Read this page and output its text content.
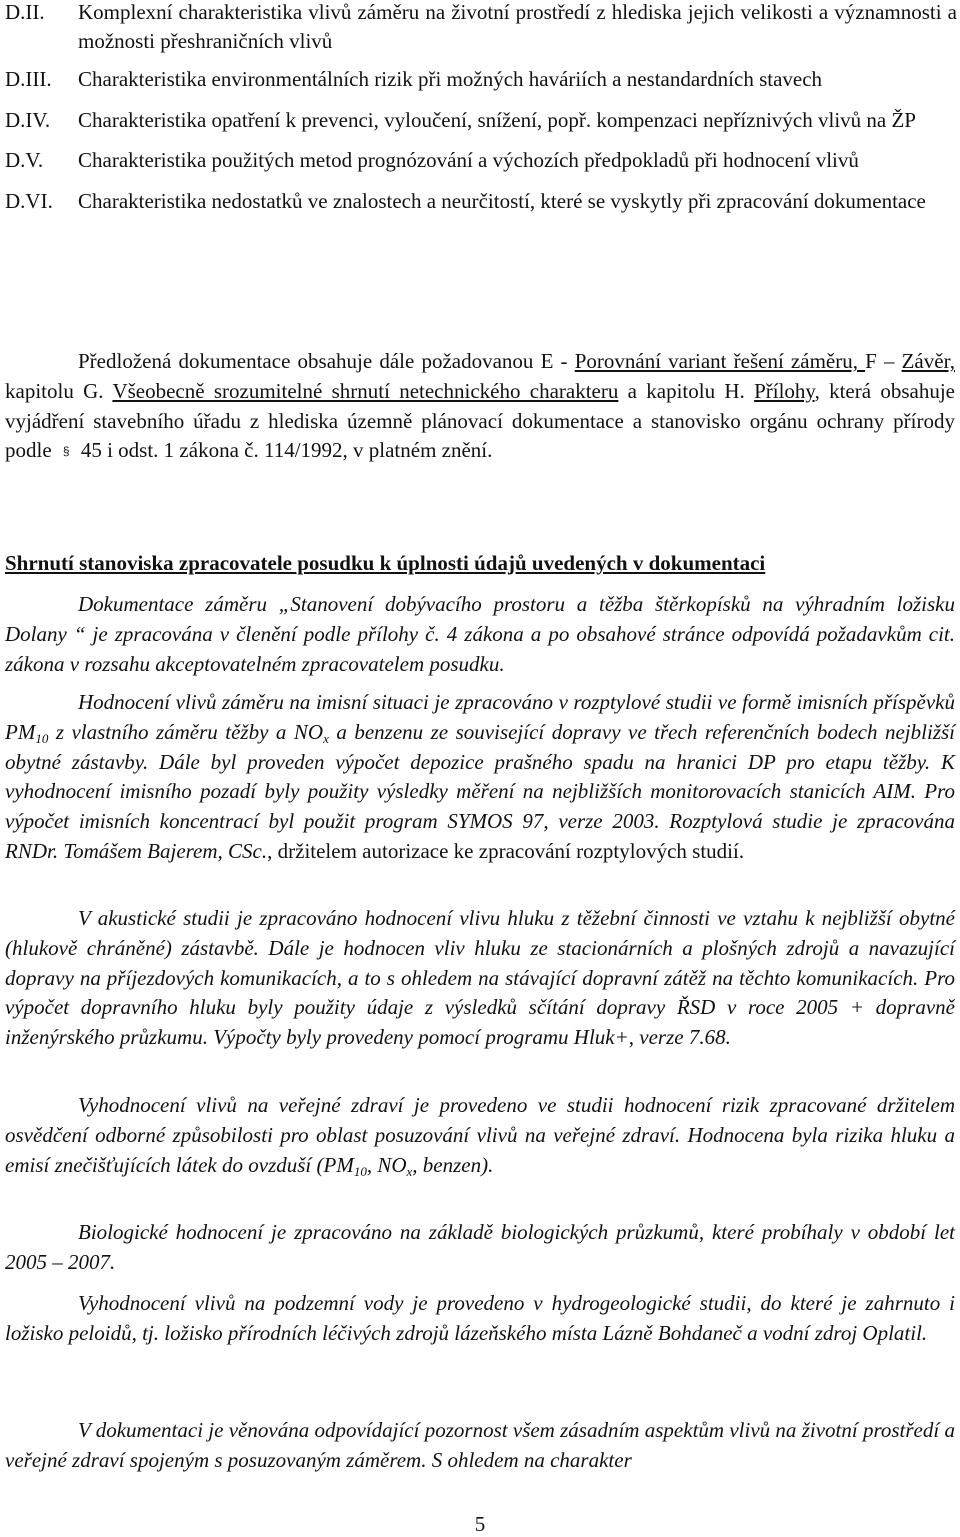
D.II.	Komplexní charakteristika vlivů záměru na životní prostředí z hlediska jejich velikosti a významnosti a možnosti přeshraničních vlivů
D.III.	Charakteristika environmentálních rizik při možných haváriích a nestandardních stavech
D.IV.	Charakteristika opatření k prevenci, vyloučení, snížení, popř. kompenzaci nepříznivých vlivů na ŽP
D.V.	Charakteristika použitých metod prognózování a výchozích předpokladů při hodnocení vlivů
D.VI.	Charakteristika nedostatků ve znalostech a neurčitostí, které se vyskytly při zpracování dokumentace

Předložená dokumentace obsahuje dále požadovanou E - Porovnání variant řešení záměru, F – Závěr, kapitolu G. Všeobecně srozumitelné shrnutí netechnického charakteru a kapitolu H. Přílohy, která obsahuje vyjádření stavebního úřadu z hlediska územně plánovací dokumentace a stanovisko orgánu ochrany přírody podle § 45 i odst. 1 zákona č. 114/1992, v platném znění.

Shrnutí stanoviska zpracovatele posudku k úplnosti údajů uvedených v dokumentaci

Dokumentace záměru „Stanovení dobývacího prostoru a těžba štěrkopísků na výhradním ložisku Dolany “ je zpracována v členění podle přílohy č. 4 zákona a po obsahové stránce odpovídá požadavkům cit. zákona v rozsahu akceptovatelném zpracovatelem posudku.

Hodnocení vlivů záměru na imisní situaci je zpracováno v rozptylové studii ve formě imisních příspěvků $PM_{10}$ z vlastního záměru těžby a $NO_x$ a benzenu ze související dopravy ve třech referenčních bodech nejbližší obytné zástavby. Dále byl proveden výpočet depozice prašného spadu na hranici DP pro etapu těžby. K vyhodnocení imisního pozadí byly použity výsledky měření na nejbližších monitorovacích stanicích AIM. Pro výpočet imisních koncentrací byl použit program SYMOS 97, verze 2003. Rozptylová studie je zpracována RNDr. Tomášem Bajerem, CSc., držitelem autorizace ke zpracování rozptylových studií.

V akustické studii je zpracováno hodnocení vlivu hluku z těžební činnosti ve vztahu k nejbližší obytné (hlukově chráněné) zástavbě. Dále je hodnocen vliv hluku ze stacionárních a plošných zdrojů a navazující dopravy na příjezdových komunikacích, a to s ohledem na stávající dopravní zátěž na těchto komunikacích. Pro výpočet dopravního hluku byly použity údaje z výsledků sčítání dopravy ŘSD v roce 2005 + dopravně inženýrského průzkumu. Výpočty byly provedeny pomocí programu Hluk+, verze 7.68.

Vyhodnocení vlivů na veřejné zdraví je provedeno ve studii hodnocení rizik zpracované držitelem osvědčení odborné způsobilosti pro oblast posuzování vlivů na veřejné zdraví. Hodnocena byla rizika hluku a emisí znečišťujících látek do ovzduší ($PM_{10}$, $NO_x$, benzen).

Biologické hodnocení je zpracováno na základě biologických průzkumů, které probíhaly v období let 2005 – 2007.

Vyhodnocení vlivů na podzemní vody je provedeno v hydrogeologické studii, do které je zahrnuto i ložisko peloidů, tj. ložisko přírodních léčivých zdrojů lázeňského místa Lázně Bohdaneč a vodní zdroj Oplatil.

V dokumentaci je věnována odpovídající pozornost všem zásadním aspektům vlivů na životní prostředí a veřejné zdraví spojeným s posuzovaným záměrem. S ohledem na charakter

5
